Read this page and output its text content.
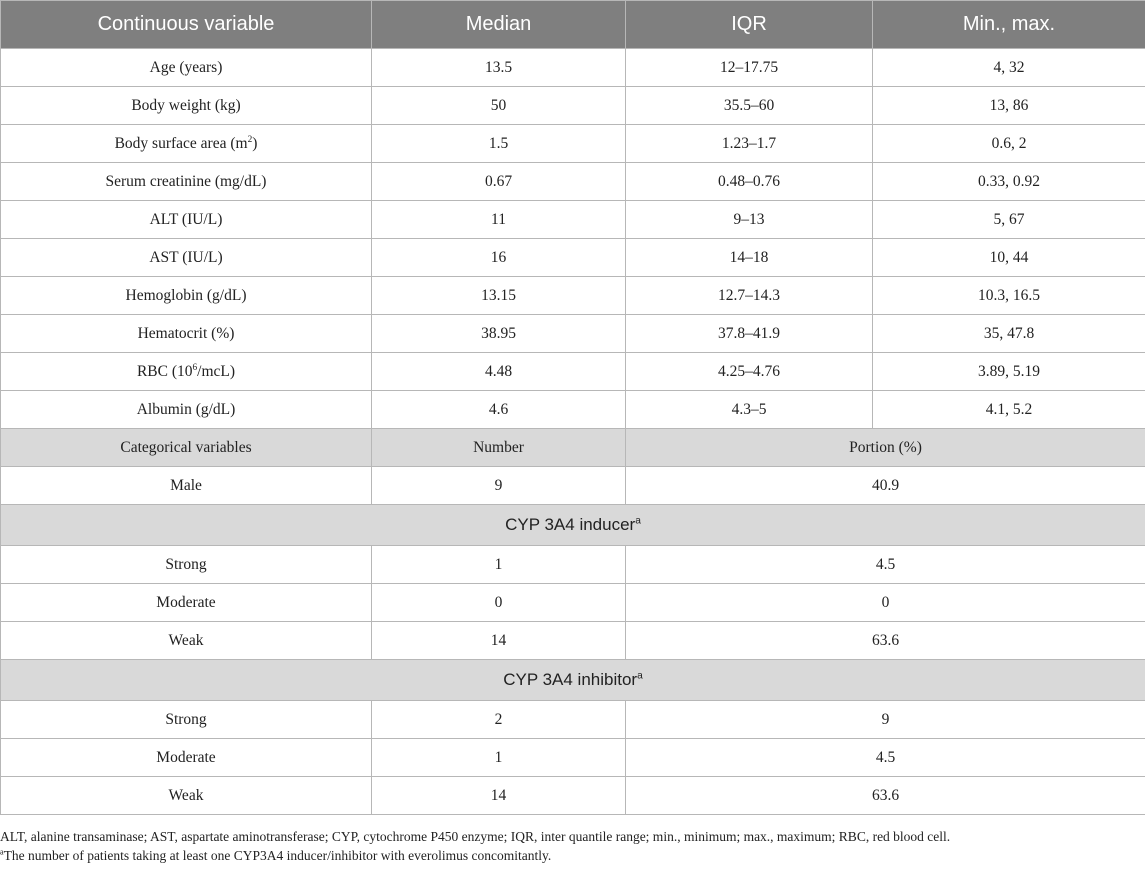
Continuous variable	Median	IQR	Min., max.
Age (years)	13.5	12–17.75	4, 32
Body weight (kg)	50	35.5–60	13, 86
Body surface area $(m^2)$	1.5	1.23–1.7	0.6, 2
Serum creatinine (mg/dL)	0.67	0.48–0.76	0.33, 0.92
ALT (IU/L)	11	9–13	5, 67
AST (IU/L)	16	14–18	10, 44
Hemoglobin (g/dL)	13.15	12.7–14.3	10.3, 16.5
Hematocrit (%)	38.95	37.8–41.9	35, 47.8
RBC $(10^6/mcL)$	4.48	4.25–4.76	3.89, 5.19
Albumin (g/dL)	4.6	4.3–5	4.1, 5.2
Categorical variables	Number	Portion (%)	
Male	9	40.9	
CYP 3A4 inducer$^a$
Strong	1	4.5	
Moderate	0	0	
Weak	14	63.6	
CYP 3A4 inhibitor$^a$
Strong	2	9	
Moderate	1	4.5	
Weak	14	63.6	

ALT, alanine transaminase; AST, aspartate aminotransferase; CYP, cytochrome P450 enzyme; IQR, inter quantile range; min., minimum; max., maximum; RBC, red blood cell.

$^a$The number of patients taking at least one CYP3A4 inducer/inhibitor with everolimus concomitantly.
